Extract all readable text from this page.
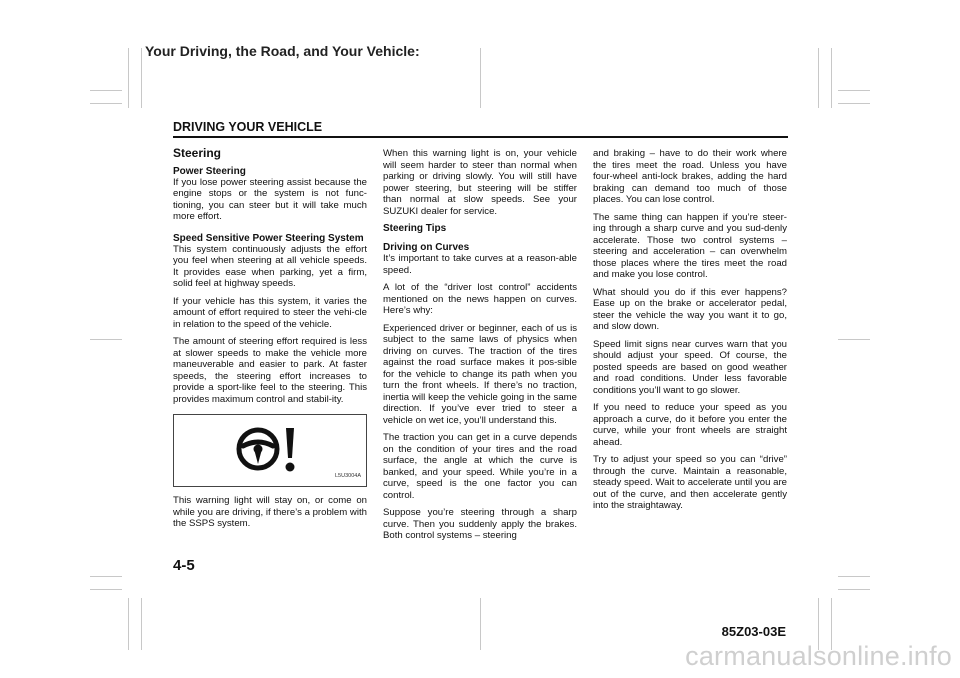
Your Driving, the Road, and Your Vehicle:
DRIVING YOUR VEHICLE
Steering
Power Steering

If you lose power steering assist because the engine stops or the system is not func-tioning, you can steer but it will take much more effort.

Speed Sensitive Power Steering System

This system continuously adjusts the effort you feel when steering at all vehicle speeds. It provides ease when parking, yet a firm, solid feel at highway speeds.

If your vehicle has this system, it varies the amount of effort required to steer the vehi-cle in relation to the speed of the vehicle.

The amount of steering effort required is less at slower speeds to make the vehicle more maneuverable and easier to park. At faster speeds, the steering effort increases to provide a sport-like feel to the steering. This provides maximum control and stabil-ity.

L5U3004A

This warning light will stay on, or come on while you are driving, if there’s a problem with the SSPS system.

When this warning light is on, your vehicle will seem harder to steer than normal when parking or driving slowly. You will still have power steering, but steering will be stiffer than normal at slow speeds. See your SUZUKI dealer for service.

Steering Tips
Driving on Curves

It’s important to take curves at a reason-able speed.

A lot of the “driver lost control” accidents mentioned on the news happen on curves. Here’s why:

Experienced driver or beginner, each of us is subject to the same laws of physics when driving on curves. The traction of the tires against the road surface makes it pos-sible for the vehicle to change its path when you turn the front wheels. If there’s no traction, inertia will keep the vehicle going in the same direction. If you’ve ever tried to steer a vehicle on wet ice, you’ll understand this.

The traction you can get in a curve depends on the condition of your tires and the road surface, the angle at which the curve is banked, and your speed. While you’re in a curve, speed is the one factor you can control.

Suppose you’re steering through a sharp curve. Then you suddenly apply the brakes. Both control systems – steering

and braking – have to do their work where the tires meet the road. Unless you have four-wheel anti-lock brakes, adding the hard braking can demand too much of those places. You can lose control.

The same thing can happen if you’re steer-ing through a sharp curve and you sud-denly accelerate. Those two control systems – steering and acceleration – can overwhelm those places where the tires meet the road and make you lose control.

What should you do if this ever happens? Ease up on the brake or accelerator pedal, steer the vehicle the way you want it to go, and slow down.

Speed limit signs near curves warn that you should adjust your speed. Of course, the posted speeds are based on good weather and road conditions. Under less favorable conditions you’ll want to go slower.

If you need to reduce your speed as you approach a curve, do it before you enter the curve, while your front wheels are straight ahead.

Try to adjust your speed so you can “drive” through the curve. Maintain a reasonable, steady speed. Wait to accelerate until you are out of the curve, and then accelerate gently into the straightaway.

4-5
85Z03-03E
carmanualsonline.info
